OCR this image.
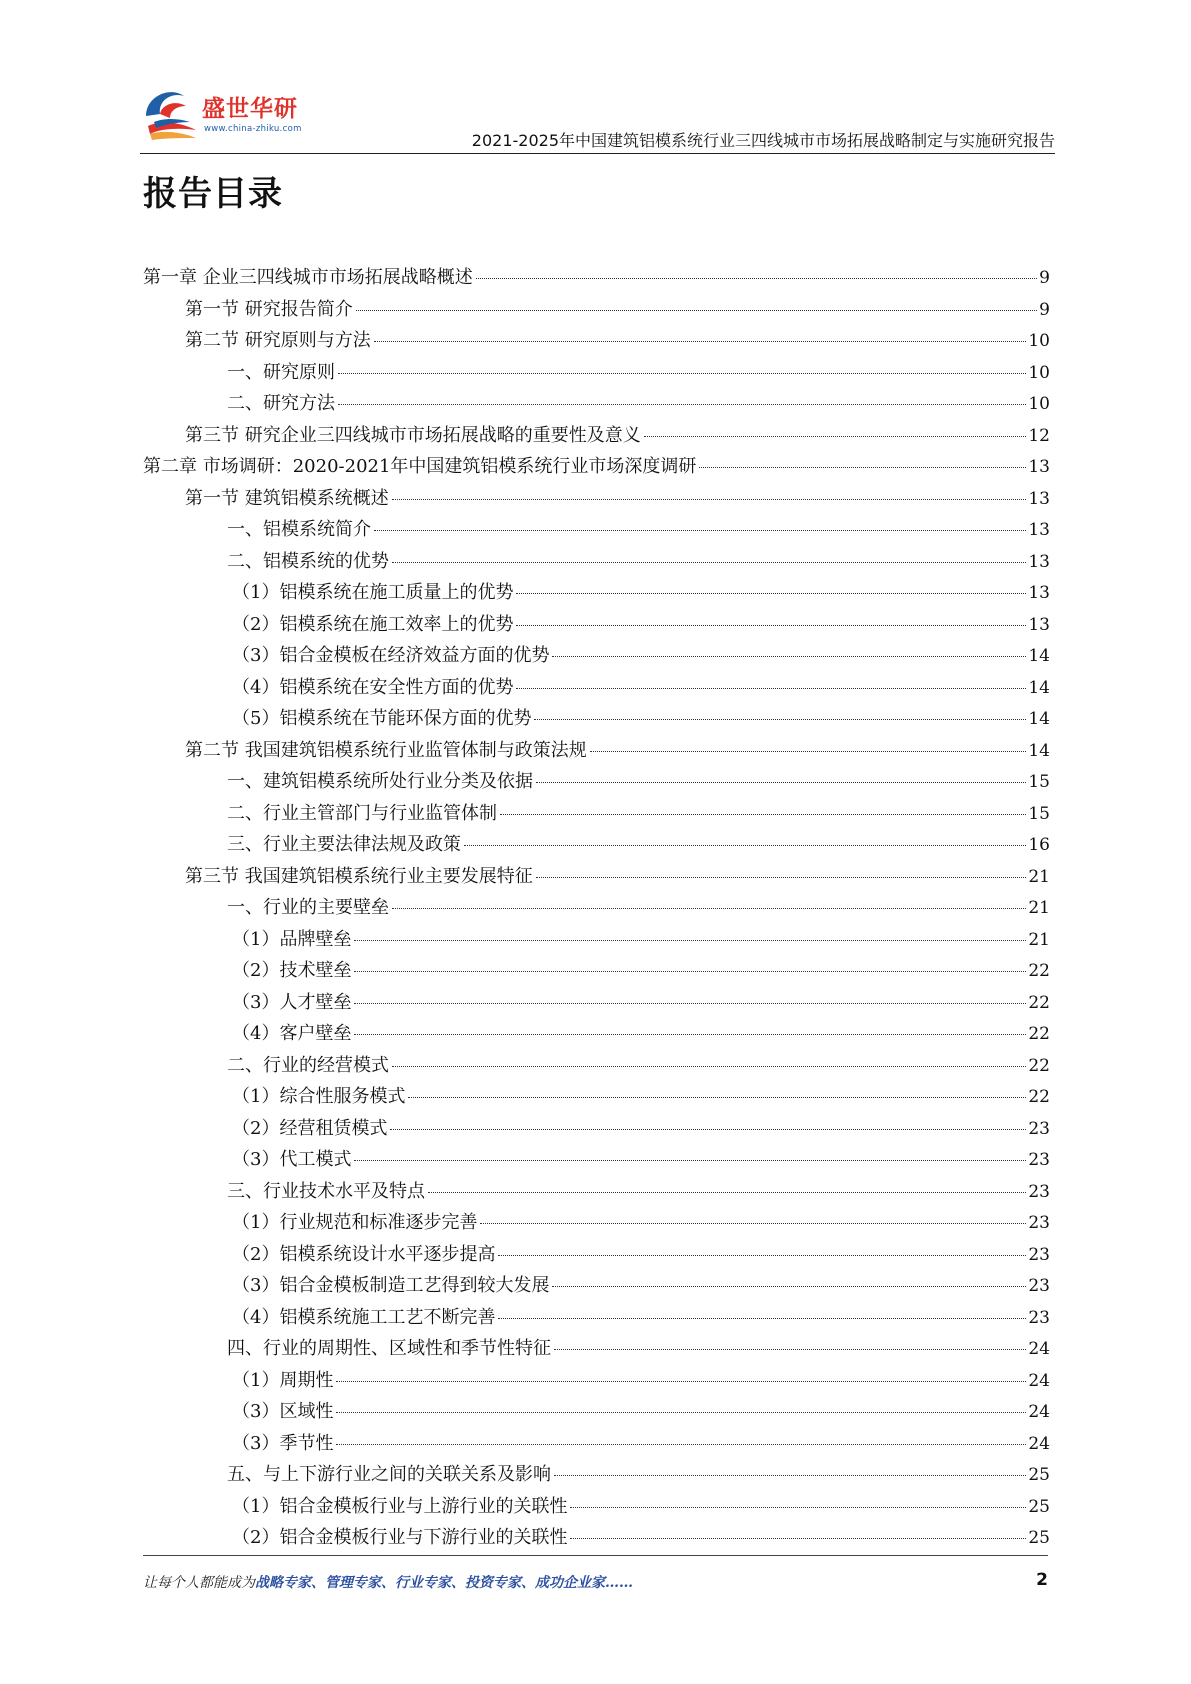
盛世华研
www.china-zhiku.com
2021-2025年中国建筑铝模系统行业三四线城市市场拓展战略制定与实施研究报告
报告目录
第一章 企业三四线城市市场拓展战略概述	9
第一节 研究报告简介	9
第二节 研究原则与方法	10
一、研究原则	10
二、研究方法	10
第三节 研究企业三四线城市市场拓展战略的重要性及意义	12
第二章 市场调研：2020-2021年中国建筑铝模系统行业市场深度调研	13
第一节 建筑铝模系统概述	13
一、铝模系统简介	13
二、铝模系统的优势	13
（1）铝模系统在施工质量上的优势	13
（2）铝模系统在施工效率上的优势	13
（3）铝合金模板在经济效益方面的优势	14
（4）铝模系统在安全性方面的优势	14
（5）铝模系统在节能环保方面的优势	14
第二节 我国建筑铝模系统行业监管体制与政策法规	14
一、建筑铝模系统所处行业分类及依据	15
二、行业主管部门与行业监管体制	15
三、行业主要法律法规及政策	16
第三节 我国建筑铝模系统行业主要发展特征	21
一、行业的主要壁垒	21
（1）品牌壁垒	21
（2）技术壁垒	22
（3）人才壁垒	22
（4）客户壁垒	22
二、行业的经营模式	22
（1）综合性服务模式	22
（2）经营租赁模式	23
（3）代工模式	23
三、行业技术水平及特点	23
（1）行业规范和标准逐步完善	23
（2）铝模系统设计水平逐步提高	23
（3）铝合金模板制造工艺得到较大发展	23
（4）铝模系统施工工艺不断完善	23
四、行业的周期性、区域性和季节性特征	24
（1）周期性	24
（3）区域性	24
（3）季节性	24
五、与上下游行业之间的关联关系及影响	25
（1）铝合金模板行业与上游行业的关联性	25
（2）铝合金模板行业与下游行业的关联性	25
让每个人都能成为战略专家、管理专家、行业专家、投资专家、成功企业家……	2
